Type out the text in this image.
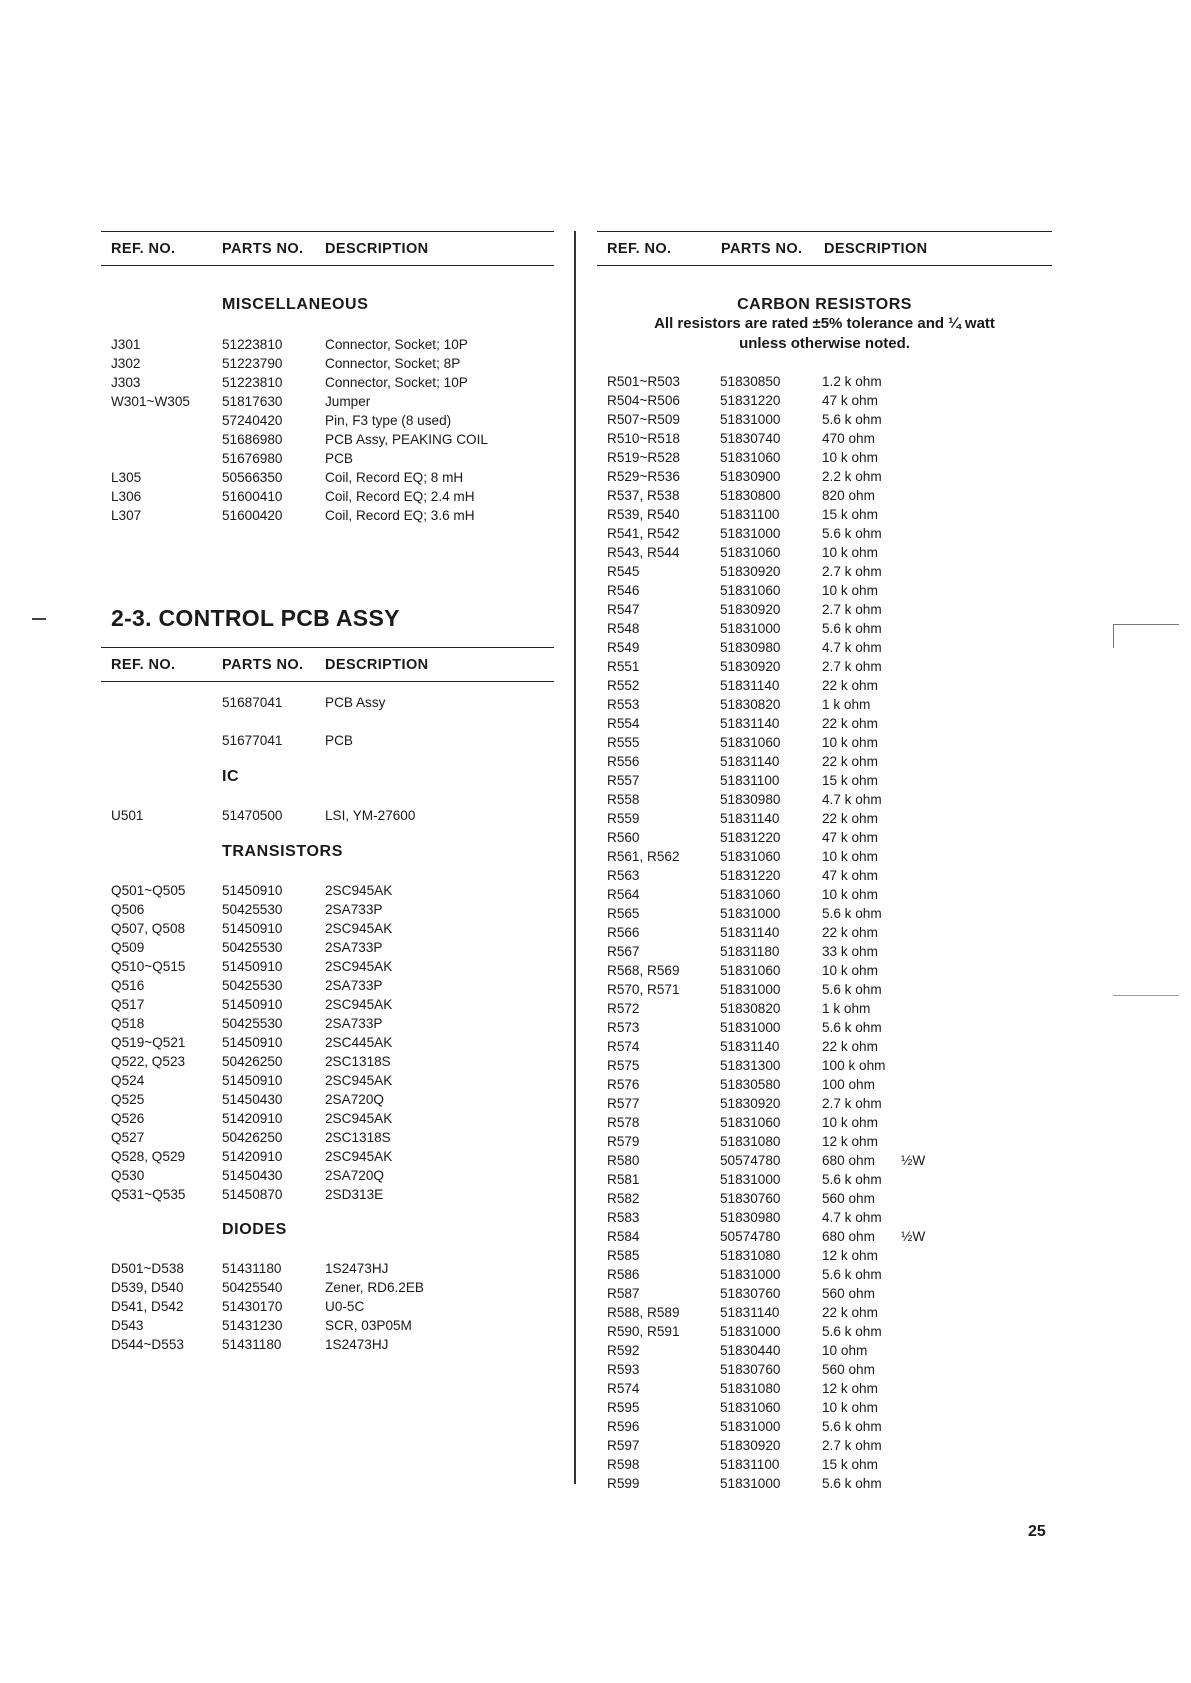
REF. NO.	PARTS NO. DESCRIPTION
MISCELLANEOUS
J301	51223810	Connector, Socket; 10P
J302	51223790	Connector, Socket; 8P
J303	51223810	Connector, Socket; 10P
W301~W305 51817630	Jumper
57240420	Pin, F3 type (8 used)
51686980	PCB Assy, PEAKING COIL
51676980	PCB
L305	50566350	Coil, Record EQ; 8 mH
L306	51600410	Coil, Record EQ; 2.4 mH
L307	51600420	Coil, Record EQ; 3.6 mH
2-3. CONTROL PCB ASSY
REF. NO.	PARTS NO. DESCRIPTION
51687041	PCB Assy
51677041	PCB
IC
U501	51470500	LSI, YM-27600
TRANSISTORS
Q501~Q505	51450910	2SC945AK
Q506	50425530	2SA733P
Q507, Q508	51450910	2SC945AK
Q509	50425530	2SA733P
Q510~Q515	51450910	2SC945AK
Q516	50425530	2SA733P
Q517	51450910	2SC945AK
Q518	50425530	2SA733P
Q519~Q521	51450910	2SC445AK
Q522, Q523	50426250	2SC1318S
Q524	51450910	2SC945AK
Q525	51450430	2SA720Q
Q526	51420910	2SC945AK
Q527	50426250	2SC1318S
Q528, Q529	51420910	2SC945AK
Q530	51450430	2SA720Q
Q531~Q535	51450870	2SD313E
DIODES
D501~D538	51431180	1S2473HJ
D539, D540	50425540	Zener, RD6.2EB
D541, D542	51430170	U0-5C
D543	51431230	SCR, 03P05M
D544~D553	51431180	1S2473HJ
REF. NO.	PARTS NO. DESCRIPTION
CARBON RESISTORS
All resistors are rated ±5% tolerance and ¼ watt
unless otherwise noted.
R501~R503	51830850	1.2 k ohm
R504~R506	51831220	47 k ohm
R507~R509	51831000	5.6 k ohm
R510~R518	51830740	470 ohm
R519~R528	51831060	10 k ohm
R529~R536	51830900	2.2 k ohm
R537, R538	51830800	820 ohm
R539, R540	51831100	15 k ohm
R541, R542	51831000	5.6 k ohm
R543, R544	51831060	10 k ohm
R545	51830920	2.7 k ohm
R546	51831060	10 k ohm
R547	51830920	2.7 k ohm
R548	51831000	5.6 k ohm
R549	51830980	4.7 k ohm
R551	51830920	2.7 k ohm
R552	51831140	22 k ohm
R553	51830820	1 k ohm
R554	51831140	22 k ohm
R555	51831060	10 k ohm
R556	51831140	22 k ohm
R557	51831100	15 k ohm
R558	51830980	4.7 k ohm
R559	51831140	22 k ohm
R560	51831220	47 k ohm
R561, R562	51831060	10 k ohm
R563	51831220	47 k ohm
R564	51831060	10 k ohm
R565	51831000	5.6 k ohm
R566	51831140	22 k ohm
R567	51831180	33 k ohm
R568, R569	51831060	10 k ohm
R570, R571	51831000	5.6 k ohm
R572	51830820	1 k ohm
R573	51831000	5.6 k ohm
R574	51831140	22 k ohm
R575	51831300	100 k ohm
R576	51830580	100 ohm
R577	51830920	2.7 k ohm
R578	51831060	10 k ohm
R579	51831080	12 k ohm
R580	50574780	680 ohm ½W
R581	51831000	5.6 k ohm
R582	51830760	560 ohm
R583	51830980	4.7 k ohm
R584	50574780	680 ohm ½W
R585	51831080	12 k ohm
R586	51831000	5.6 k ohm
R587	51830760	560 ohm
R588, R589	51831140	22 k ohm
R590, R591	51831000	5.6 k ohm
R592	51830440	10 ohm
R593	51830760	560 ohm
R574	51831080	12 k ohm
R595	51831060	10 k ohm
R596	51831000	5.6 k ohm
R597	51830920	2.7 k ohm
R598	51831100	15 k ohm
R599	51831000	5.6 k ohm
25
